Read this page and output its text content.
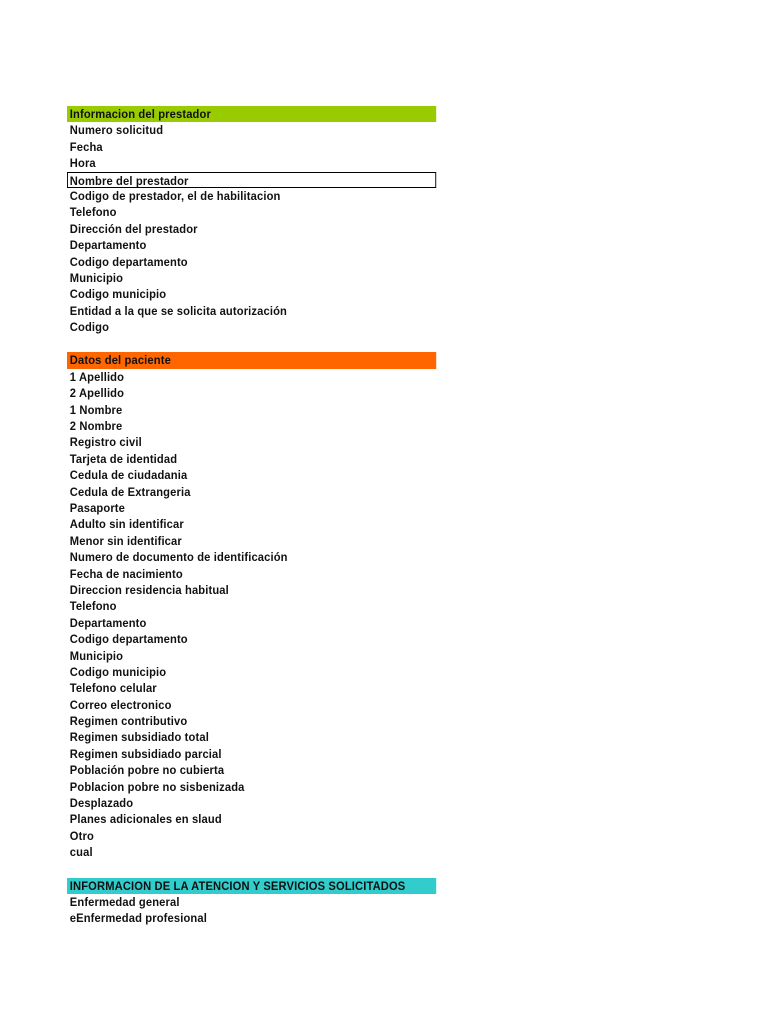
Informacion del prestador
Numero solicitud
Fecha
Hora
Nombre del prestador
Codigo de prestador, el de habilitacion
Telefono
Dirección del prestador
Departamento
Codigo departamento
Municipio
Codigo municipio
Entidad a la que se solicita autorización
Codigo
Datos del paciente
1 Apellido
2 Apellido
1 Nombre
2 Nombre
Registro civil
Tarjeta de identidad
Cedula de ciudadania
Cedula de Extrangeria
Pasaporte
Adulto sin identificar
Menor sin identificar
Numero de documento de identificación
Fecha de nacimiento
Direccion residencia habitual
Telefono
Departamento
Codigo departamento
Municipio
Codigo municipio
Telefono celular
Correo electronico
Regimen contributivo
Regimen subsidiado total
Regimen subsidiado parcial
Población pobre no cubierta
Poblacion pobre no sisbenizada
Desplazado
Planes adicionales en slaud
Otro
cual
INFORMACION DE LA ATENCION Y SERVICIOS SOLICITADOS
Enfermedad general
eEnfermedad profesional
